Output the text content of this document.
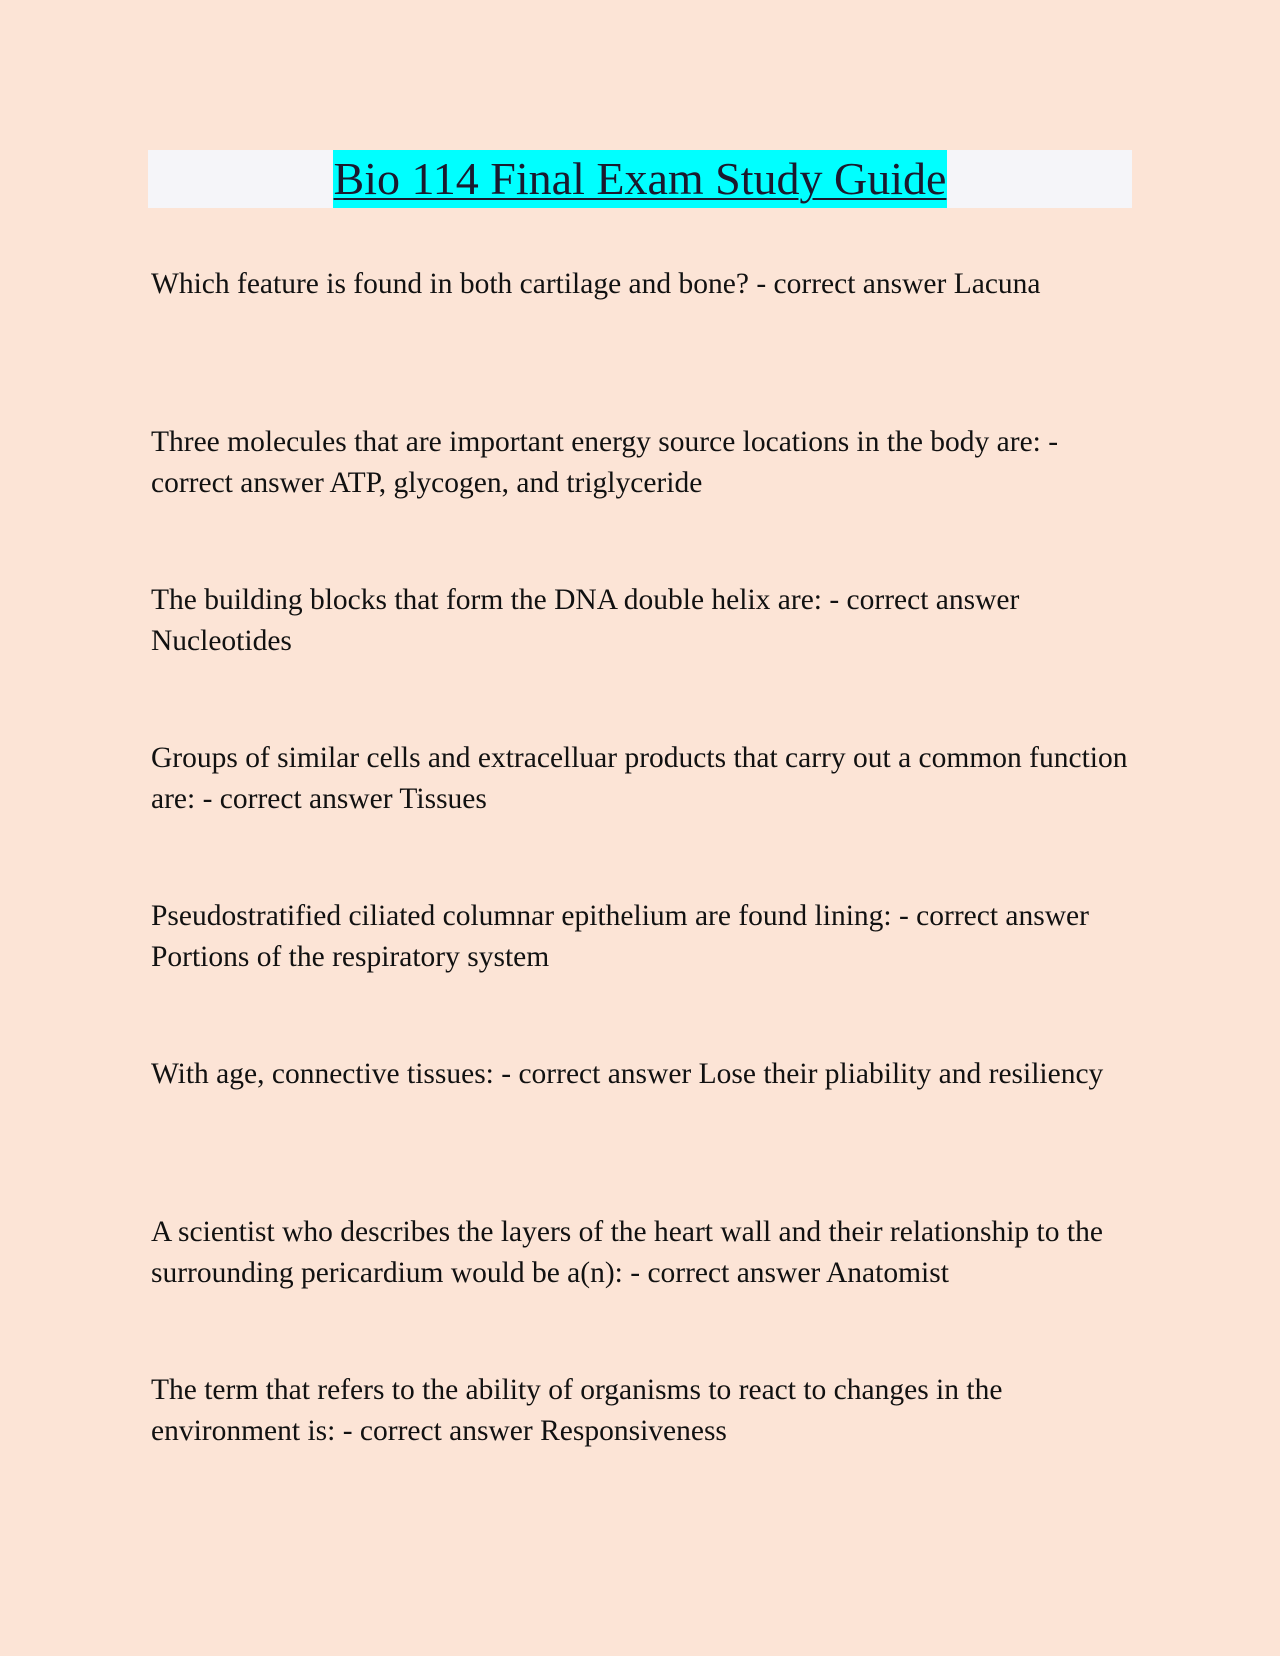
Bio 114 Final Exam Study Guide

Which feature is found in both cartilage and bone? - correct answer Lacuna

Three molecules that are important energy source locations in the body are: - correct answer ATP, glycogen, and triglyceride

The building blocks that form the DNA double helix are: - correct answer Nucleotides

Groups of similar cells and extracelluar products that carry out a common function are: - correct answer Tissues

Pseudostratified ciliated columnar epithelium are found lining: - correct answer Portions of the respiratory system

With age, connective tissues: - correct answer Lose their pliability and resiliency

A scientist who describes the layers of the heart wall and their relationship to the surrounding pericardium would be a(n): - correct answer Anatomist

The term that refers to the ability of organisms to react to changes in the environment is: - correct answer Responsiveness
